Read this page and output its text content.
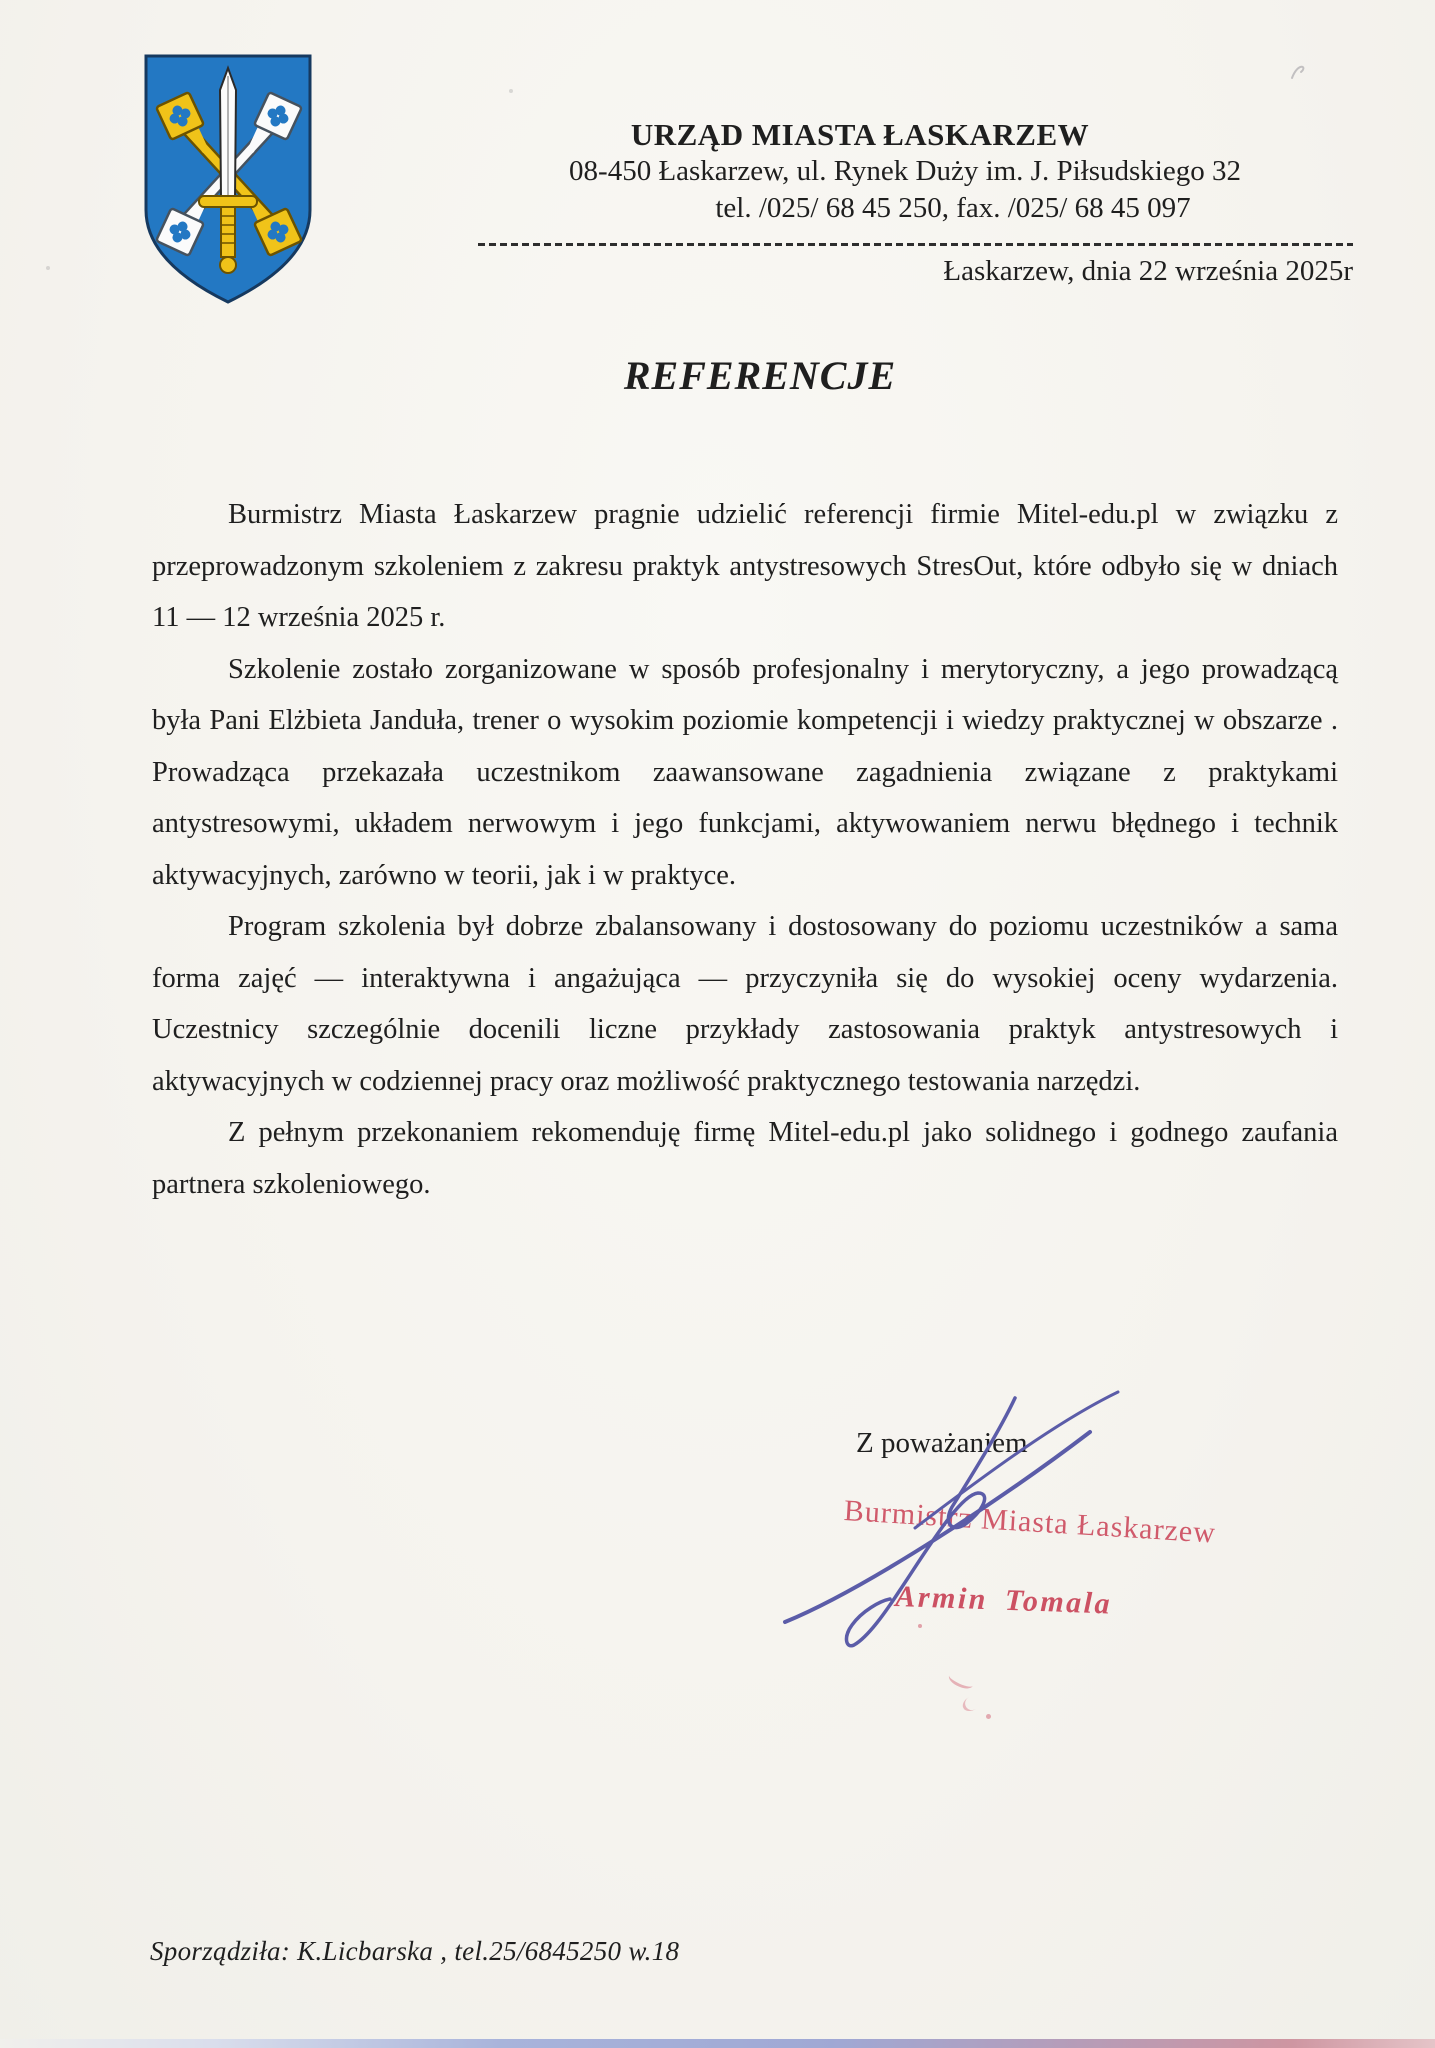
URZĄD MIASTA ŁASKARZEW
08-450 Łaskarzew, ul. Rynek Duży im. J. Piłsudskiego 32
tel. /025/ 68 45 250, fax. /025/ 68 45 097
Łaskarzew, dnia 22 września 2025r
REFERENCJE

Burmistrz Miasta Łaskarzew pragnie udzielić referencji firmie Mitel-edu.pl w związku z przeprowadzonym szkoleniem z zakresu praktyk antystresowych StresOut, które odbyło się w dniach 11 — 12 września 2025 r.

Szkolenie zostało zorganizowane w sposób profesjonalny i merytoryczny, a jego prowadzącą była Pani Elżbieta Janduła, trener o wysokim poziomie kompetencji i wiedzy praktycznej w obszarze . Prowadząca przekazała uczestnikom zaawansowane zagadnienia związane z praktykami antystresowymi, układem nerwowym i jego funkcjami, aktywowaniem nerwu błędnego i technik aktywacyjnych, zarówno w teorii, jak i w praktyce.

Program szkolenia był dobrze zbalansowany i dostosowany do poziomu uczestników a sama forma zajęć — interaktywna i angażująca — przyczyniła się do wysokiej oceny wydarzenia. Uczestnicy szczególnie docenili liczne przykłady zastosowania praktyk antystresowych i aktywacyjnych w codziennej pracy oraz możliwość praktycznego testowania narzędzi.

Z pełnym przekonaniem rekomenduję firmę Mitel-edu.pl jako solidnego i godnego zaufania partnera szkoleniowego.

Z poważaniem
Burmistrz Miasta Łaskarzew
Armin Tomala
Sporządziła: K.Licbarska , tel.25/6845250 w.18
